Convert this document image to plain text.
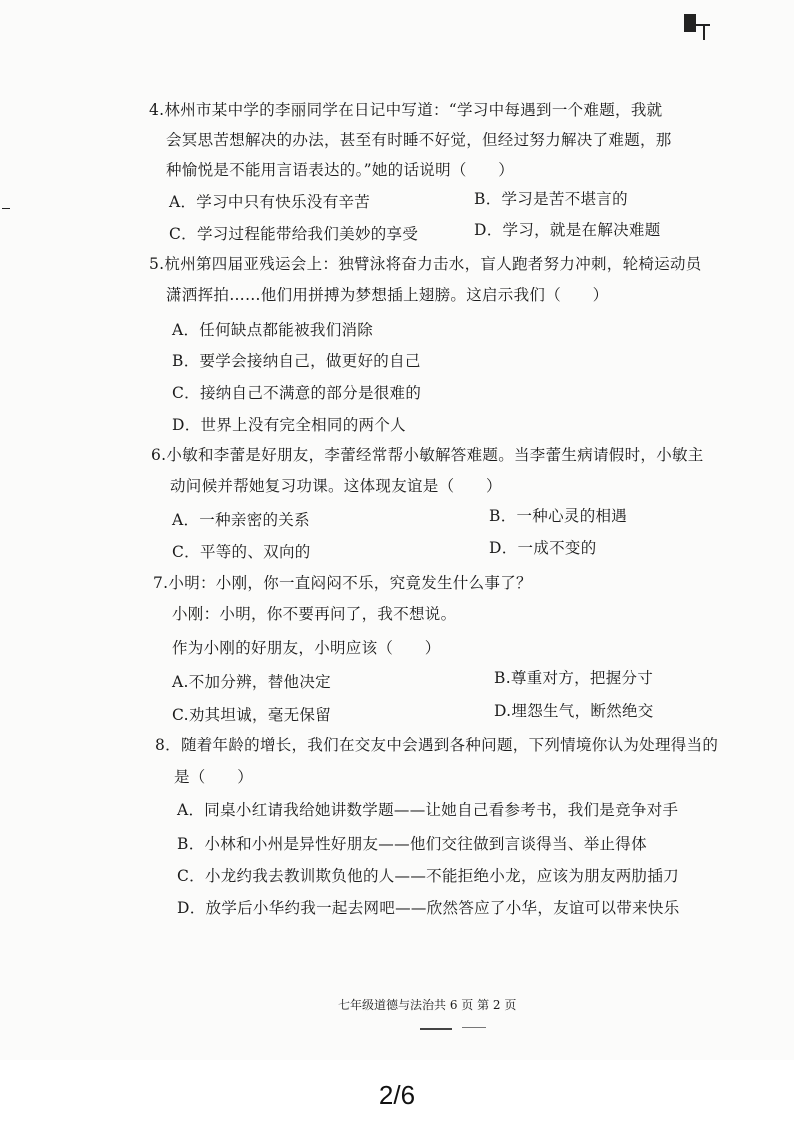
4.林州市某中学的李丽同学在日记中写道：“学习中每遇到一个难题，我就
会冥思苦想解决的办法，甚至有时睡不好觉，但经过努力解决了难题，那
种愉悦是不能用言语表达的。”她的话说明（　　）
A．学习中只有快乐没有辛苦	B．学习是苦不堪言的
C．学习过程能带给我们美妙的享受	D．学习，就是在解决难题
5.杭州第四届亚残运会上：独臂泳将奋力击水，盲人跑者努力冲刺，轮椅运动员
潇洒挥拍……他们用拼搏为梦想插上翅膀。这启示我们（　　）
A．任何缺点都能被我们消除
B．要学会接纳自己，做更好的自己
C．接纳自己不满意的部分是很难的
D．世界上没有完全相同的两个人
6.小敏和李蕾是好朋友，李蕾经常帮小敏解答难题。当李蕾生病请假时，小敏主
动问候并帮她复习功课。这体现友谊是（　　）
A．一种亲密的关系	B．一种心灵的相遇
C．平等的、双向的	D．一成不变的
7.小明：小刚，你一直闷闷不乐，究竟发生什么事了？
小刚：小明，你不要再问了，我不想说。
作为小刚的好朋友，小明应该（　　）
A.不加分辨，替他决定	B.尊重对方，把握分寸
C.劝其坦诚，毫无保留	D.埋怨生气，断然绝交
8．随着年龄的增长，我们在交友中会遇到各种问题，下列情境你认为处理得当的
是（　　）
A．同桌小红请我给她讲数学题——让她自己看参考书，我们是竞争对手
B．小林和小州是异性好朋友——他们交往做到言谈得当、举止得体
C．小龙约我去教训欺负他的人——不能拒绝小龙，应该为朋友两肋插刀
D．放学后小华约我一起去网吧——欣然答应了小华，友谊可以带来快乐
七年级道德与法治共 6 页 第 2 页
2/6
